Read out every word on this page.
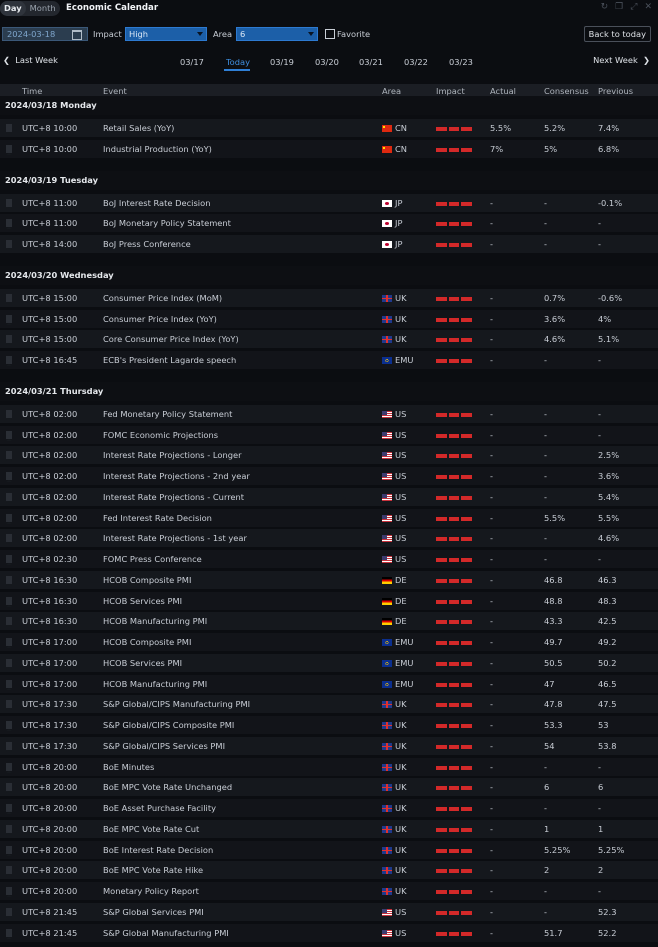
Day Month	Economic Calendar	↻ ❐ ⤢ ✕
2024-03-18	Impact High	Area 6	Favorite	Back to today
❮ Last Week	03/17	Today 03/19	03/20 03/21	03/22	03/23	Next Week ❯
Time	Event	Area	Impact	Actual	Consensus Previous
2024/03/18 Monday
UTC+8 10:00	Retail Sales (YoY)	CN	5.5%	5.2%	7.4%
UTC+8 10:00	Industrial Production (YoY)	CN	7%	5%	6.8%
2024/03/19 Tuesday
UTC+8 11:00	BoJ Interest Rate Decision	JP	-	-	-0.1%
UTC+8 11:00	BoJ Monetary Policy Statement	JP	-	-	-
UTC+8 14:00	BoJ Press Conference	JP	-	-	-
2024/03/20 Wednesday
UTC+8 15:00	Consumer Price Index (MoM)	UK	-	0.7%	-0.6%
UTC+8 15:00	Consumer Price Index (YoY)	UK	-	3.6%	4%
UTC+8 15:00	Core Consumer Price Index (YoY)	UK	-	4.6%	5.1%
UTC+8 16:45	ECB's President Lagarde speech	EMU	-	-	-
2024/03/21 Thursday
UTC+8 02:00	Fed Monetary Policy Statement	US	-	-	-
UTC+8 02:00	FOMC Economic Projections	US	-	-	-
UTC+8 02:00	Interest Rate Projections - Longer	US	-	-	2.5%
UTC+8 02:00	Interest Rate Projections - 2nd year	US	-	-	3.6%
UTC+8 02:00	Interest Rate Projections - Current	US	-	-	5.4%
UTC+8 02:00	Fed Interest Rate Decision	US	-	5.5%	5.5%
UTC+8 02:00	Interest Rate Projections - 1st year	US	-	-	4.6%
UTC+8 02:30	FOMC Press Conference	US	-	-	-
UTC+8 16:30	HCOB Composite PMI	DE	-	46.8	46.3
UTC+8 16:30	HCOB Services PMI	DE	-	48.8	48.3
UTC+8 16:30	HCOB Manufacturing PMI	DE	-	43.3	42.5
UTC+8 17:00	HCOB Composite PMI	EMU	-	49.7	49.2
UTC+8 17:00	HCOB Services PMI	EMU	-	50.5	50.2
UTC+8 17:00	HCOB Manufacturing PMI	EMU	-	47	46.5
UTC+8 17:30	S&P Global/CIPS Manufacturing PMI	UK	-	47.8	47.5
UTC+8 17:30	S&P Global/CIPS Composite PMI	UK	-	53.3	53
UTC+8 17:30	S&P Global/CIPS Services PMI	UK	-	54	53.8
UTC+8 20:00	BoE Minutes	UK	-	-	-
UTC+8 20:00	BoE MPC Vote Rate Unchanged	UK	-	6	6
UTC+8 20:00	BoE Asset Purchase Facility	UK	-	-	-
UTC+8 20:00	BoE MPC Vote Rate Cut	UK	-	1	1
UTC+8 20:00	BoE Interest Rate Decision	UK	-	5.25%	5.25%
UTC+8 20:00	BoE MPC Vote Rate Hike	UK	-	2	2
UTC+8 20:00	Monetary Policy Report	UK	-	-	-
UTC+8 21:45	S&P Global Services PMI	US	-	-	52.3
UTC+8 21:45	S&P Global Manufacturing PMI	US	-	51.7	52.2
